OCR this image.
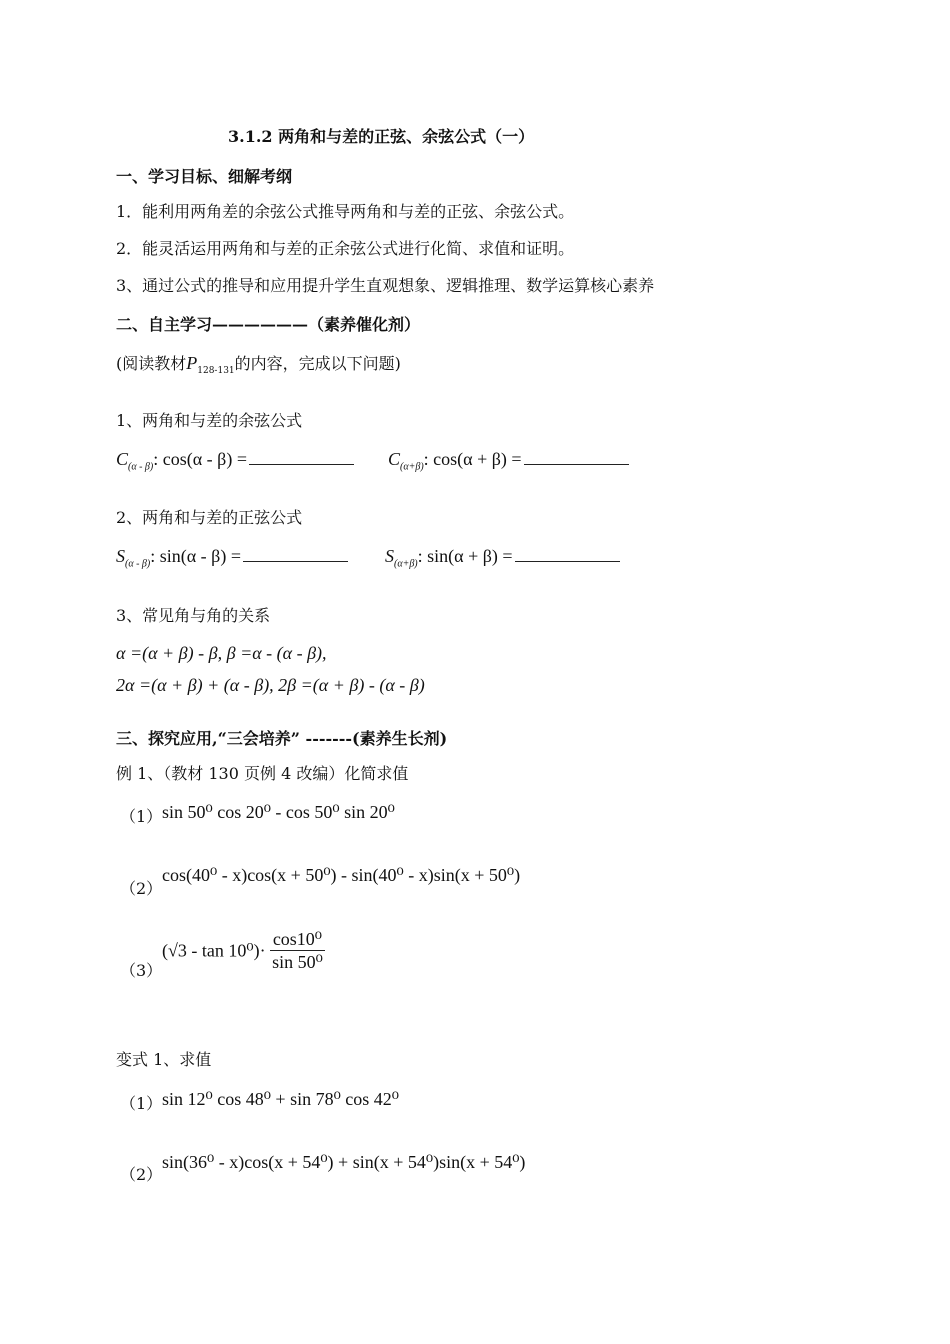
3.1.2 两角和与差的正弦、余弦公式（一）
一、学习目标、细解考纲
1．能利用两角差的余弦公式推导两角和与差的正弦、余弦公式。
2．能灵活运用两角和与差的正余弦公式进行化简、求值和证明。
3、通过公式的推导和应用提升学生直观想象、逻辑推理、数学运算核心素养
二、自主学习——————（素养催化剂）
(阅读教材$P_{128-131}$的内容，完成以下问题)
1、两角和与差的余弦公式
$C_{(\alpha - \beta)}$: cos(α - β) =	$C_{(\alpha+\beta)}$: cos(α + β) =
2、两角和与差的正弦公式
$S_{(\alpha - \beta)}$: sin(α - β) =	$S_{(\alpha+\beta)}$: sin(α + β) =
3、常见角与角的关系
α =(α + β) - β, β =α - (α - β),
2α =(α + β) + (α - β), 2β =(α + β) - (α - β)
三、探究应用,“三会培养” -------(素养生长剂)
例 1、（教材 130 页例 4 改编）化简求值
（1） sin 50⁰ cos 20⁰ - cos 50⁰ sin 20⁰
（2）
cos(40⁰ - x)cos(x + 50⁰) - sin(40⁰ - x)sin(x + 50⁰)
（3）
$(√3 - \tan 10^0)\cdot \frac{\text{cos10⁰}}{\text{sin 50⁰}}$
变式 1、求值
（1） sin 12⁰ cos 48⁰ + sin 78⁰ cos 42⁰
（2）
sin(36⁰ - x)cos(x + 54⁰) + sin(x + 54⁰)sin(x + 54⁰)
